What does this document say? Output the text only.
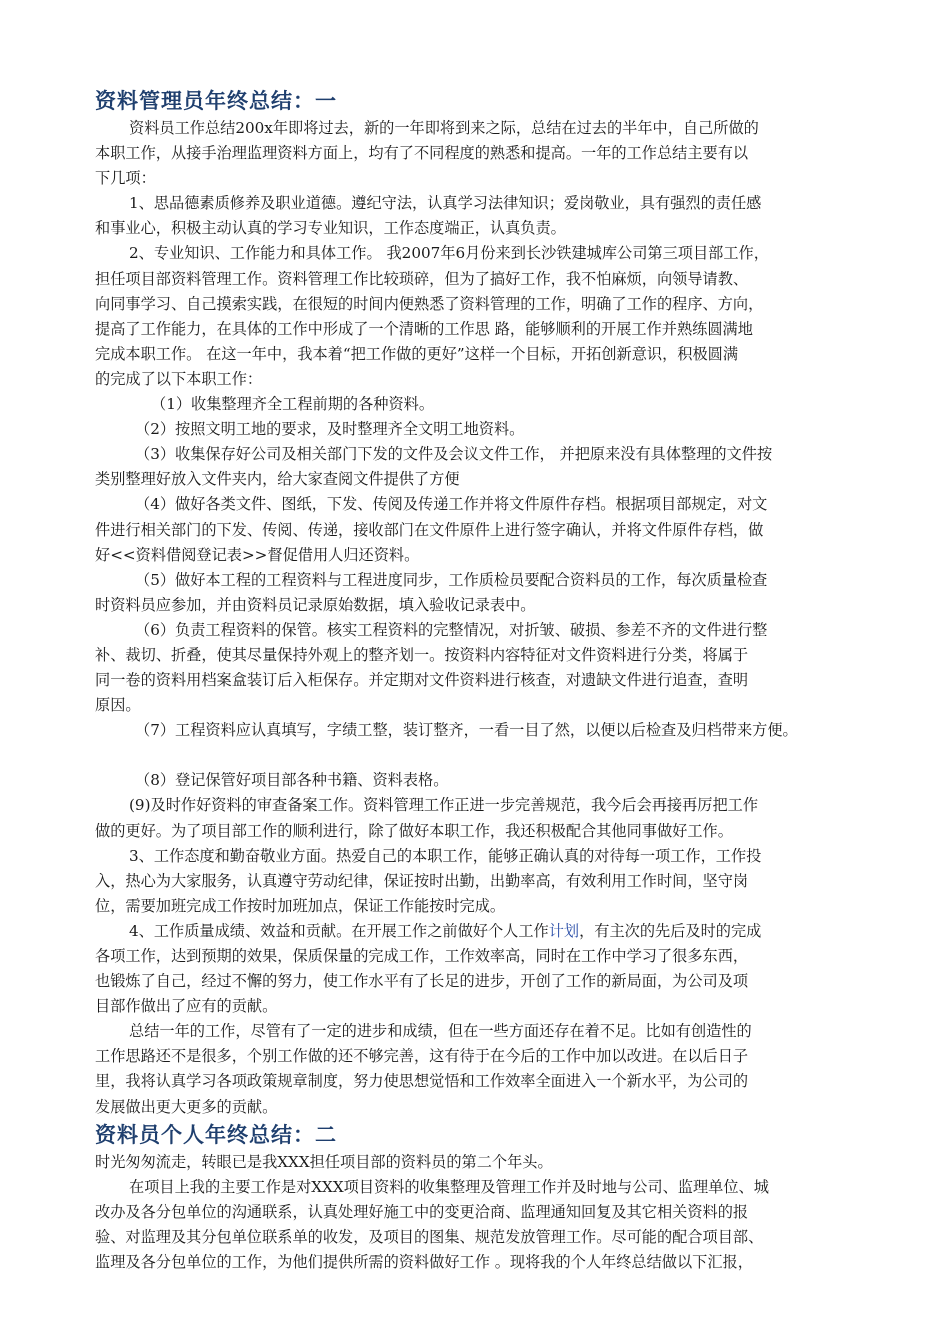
资料管理员年终总结：一

资料员工作总结200x年即将过去，新的一年即将到来之际，总结在过去的半年中，自己所做的

本职工作，从接手治理监理资料方面上，均有了不同程度的熟悉和提高。一年的工作总结主要有以

下几项：

1、思品德素质修养及职业道德。遵纪守法，认真学习法律知识；爱岗敬业，具有强烈的责任感

和事业心，积极主动认真的学习专业知识，工作态度端正，认真负责。

2、专业知识、工作能力和具体工作。 我2007年6月份来到长沙铁建城库公司第三项目部工作，

担任项目部资料管理工作。资料管理工作比较琐碎，但为了搞好工作，我不怕麻烦，向领导请教、

向同事学习、自己摸索实践，在很短的时间内便熟悉了资料管理的工作，明确了工作的程序、方向，

提高了工作能力，在具体的工作中形成了一个清晰的工作思 路，能够顺利的开展工作并熟练圆满地

完成本职工作。 在这一年中，我本着“把工作做的更好”这样一个目标，开拓创新意识，积极圆满

的完成了以下本职工作：

（1）收集整理齐全工程前期的各种资料。

（2）按照文明工地的要求，及时整理齐全文明工地资料。

（3）收集保存好公司及相关部门下发的文件及会议文件工作， 并把原来没有具体整理的文件按

类别整理好放入文件夹内，给大家查阅文件提供了方便

（4）做好各类文件、图纸，下发、传阅及传递工作并将文件原件存档。根据项目部规定，对文

件进行相关部门的下发、传阅、传递，接收部门在文件原件上进行签字确认，并将文件原件存档，做

好<<资料借阅登记表>>督促借用人归还资料。

（5）做好本工程的工程资料与工程进度同步，工作质检员要配合资料员的工作，每次质量检查

时资料员应参加，并由资料员记录原始数据，填入验收记录表中。

（6）负责工程资料的保管。核实工程资料的完整情况，对折皱、破损、参差不齐的文件进行整

补、裁切、折叠，使其尽量保持外观上的整齐划一。按资料内容特征对文件资料进行分类，将属于

同一卷的资料用档案盒装订后入柜保存。并定期对文件资料进行核查，对遗缺文件进行追查，查明

原因。

（7）工程资料应认真填写，字绩工整，装订整齐，一看一目了然，以便以后检查及归档带来方便。

（8）登记保管好项目部各种书籍、资料表格。

(9)及时作好资料的审查备案工作。资料管理工作正进一步完善规范，我今后会再接再厉把工作

做的更好。为了项目部工作的顺利进行，除了做好本职工作，我还积极配合其他同事做好工作。

3、工作态度和勤奋敬业方面。热爱自己的本职工作，能够正确认真的对待每一项工作，工作投

入，热心为大家服务，认真遵守劳动纪律，保证按时出勤，出勤率高，有效利用工作时间，坚守岗

位，需要加班完成工作按时加班加点，保证工作能按时完成。

4、工作质量成绩、效益和贡献。在开展工作之前做好个人工作计划，有主次的先后及时的完成

各项工作，达到预期的效果，保质保量的完成工作，工作效率高，同时在工作中学习了很多东西，

也锻炼了自己，经过不懈的努力，使工作水平有了长足的进步，开创了工作的新局面，为公司及项

目部作做出了应有的贡献。

总结一年的工作，尽管有了一定的进步和成绩，但在一些方面还存在着不足。比如有创造性的

工作思路还不是很多，个别工作做的还不够完善，这有待于在今后的工作中加以改进。在以后日子

里，我将认真学习各项政策规章制度，努力使思想觉悟和工作效率全面进入一个新水平，为公司的

发展做出更大更多的贡献。

资料员个人年终总结：二

时光匆匆流走，转眼已是我XXX担任项目部的资料员的第二个年头。

在项目上我的主要工作是对XXX项目资料的收集整理及管理工作并及时地与公司、监理单位、城

改办及各分包单位的沟通联系，认真处理好施工中的变更洽商、监理通知回复及其它相关资料的报

验、对监理及其分包单位联系单的收发，及项目的图集、规范发放管理工作。尽可能的配合项目部、

监理及各分包单位的工作，为他们提供所需的资料做好工作 。现将我的个人年终总结做以下汇报，
